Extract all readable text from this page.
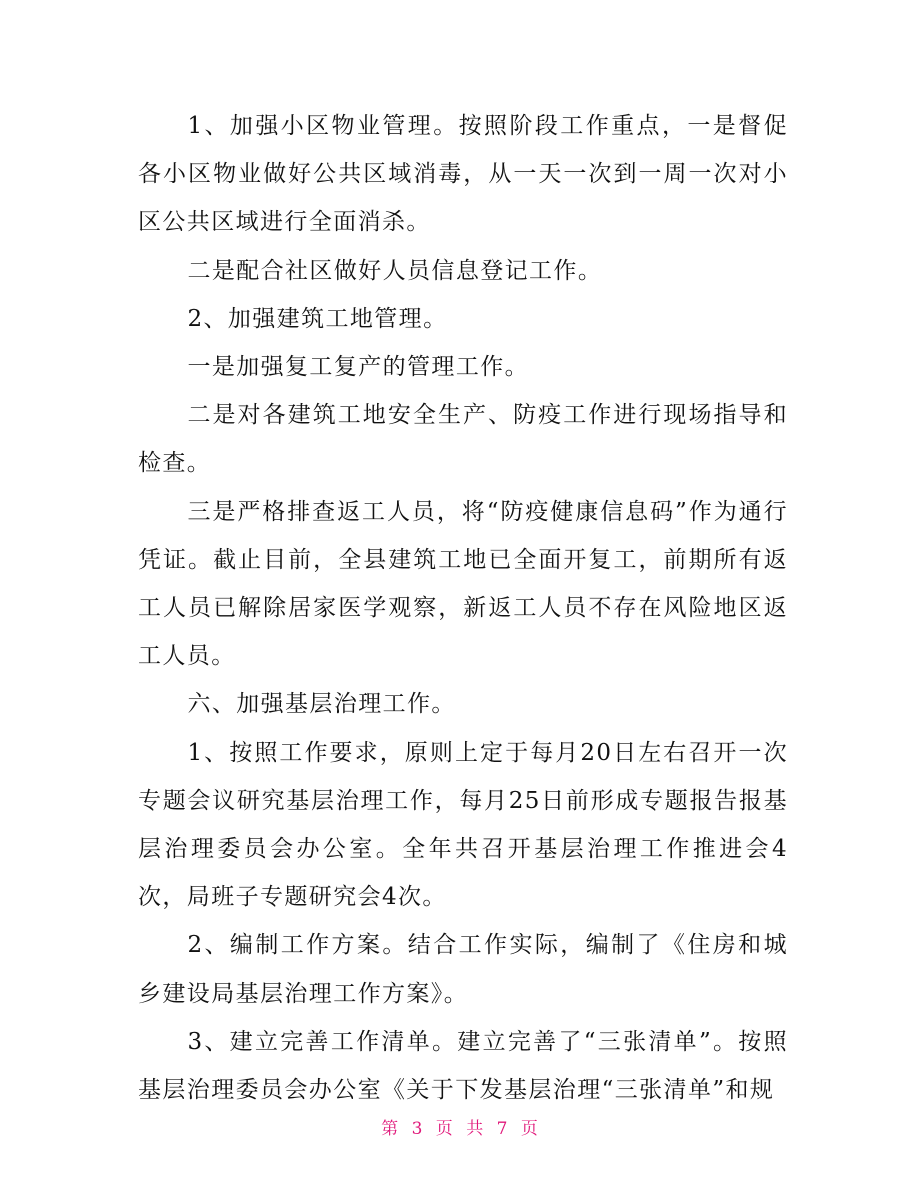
1、加强小区物业管理。按照阶段工作重点，一是督促各小区物业做好公共区域消毒，从一天一次到一周一次对小区公共区域进行全面消杀。

二是配合社区做好人员信息登记工作。

2、加强建筑工地管理。

一是加强复工复产的管理工作。

二是对各建筑工地安全生产、防疫工作进行现场指导和检查。

三是严格排查返工人员，将“防疫健康信息码”作为通行凭证。截止目前，全县建筑工地已全面开复工，前期所有返工人员已解除居家医学观察，新返工人员不存在风险地区返工人员。

六、加强基层治理工作。

1、按照工作要求，原则上定于每月20日左右召开一次专题会议研究基层治理工作，每月25日前形成专题报告报基层治理委员会办公室。全年共召开基层治理工作推进会4次，局班子专题研究会4次。

2、编制工作方案。结合工作实际，编制了《住房和城乡建设局基层治理工作方案》。

3、建立完善工作清单。建立完善了“三张清单”。按照基层治理委员会办公室《关于下发基层治理“三张清单”和规

第 3 页 共 7 页
